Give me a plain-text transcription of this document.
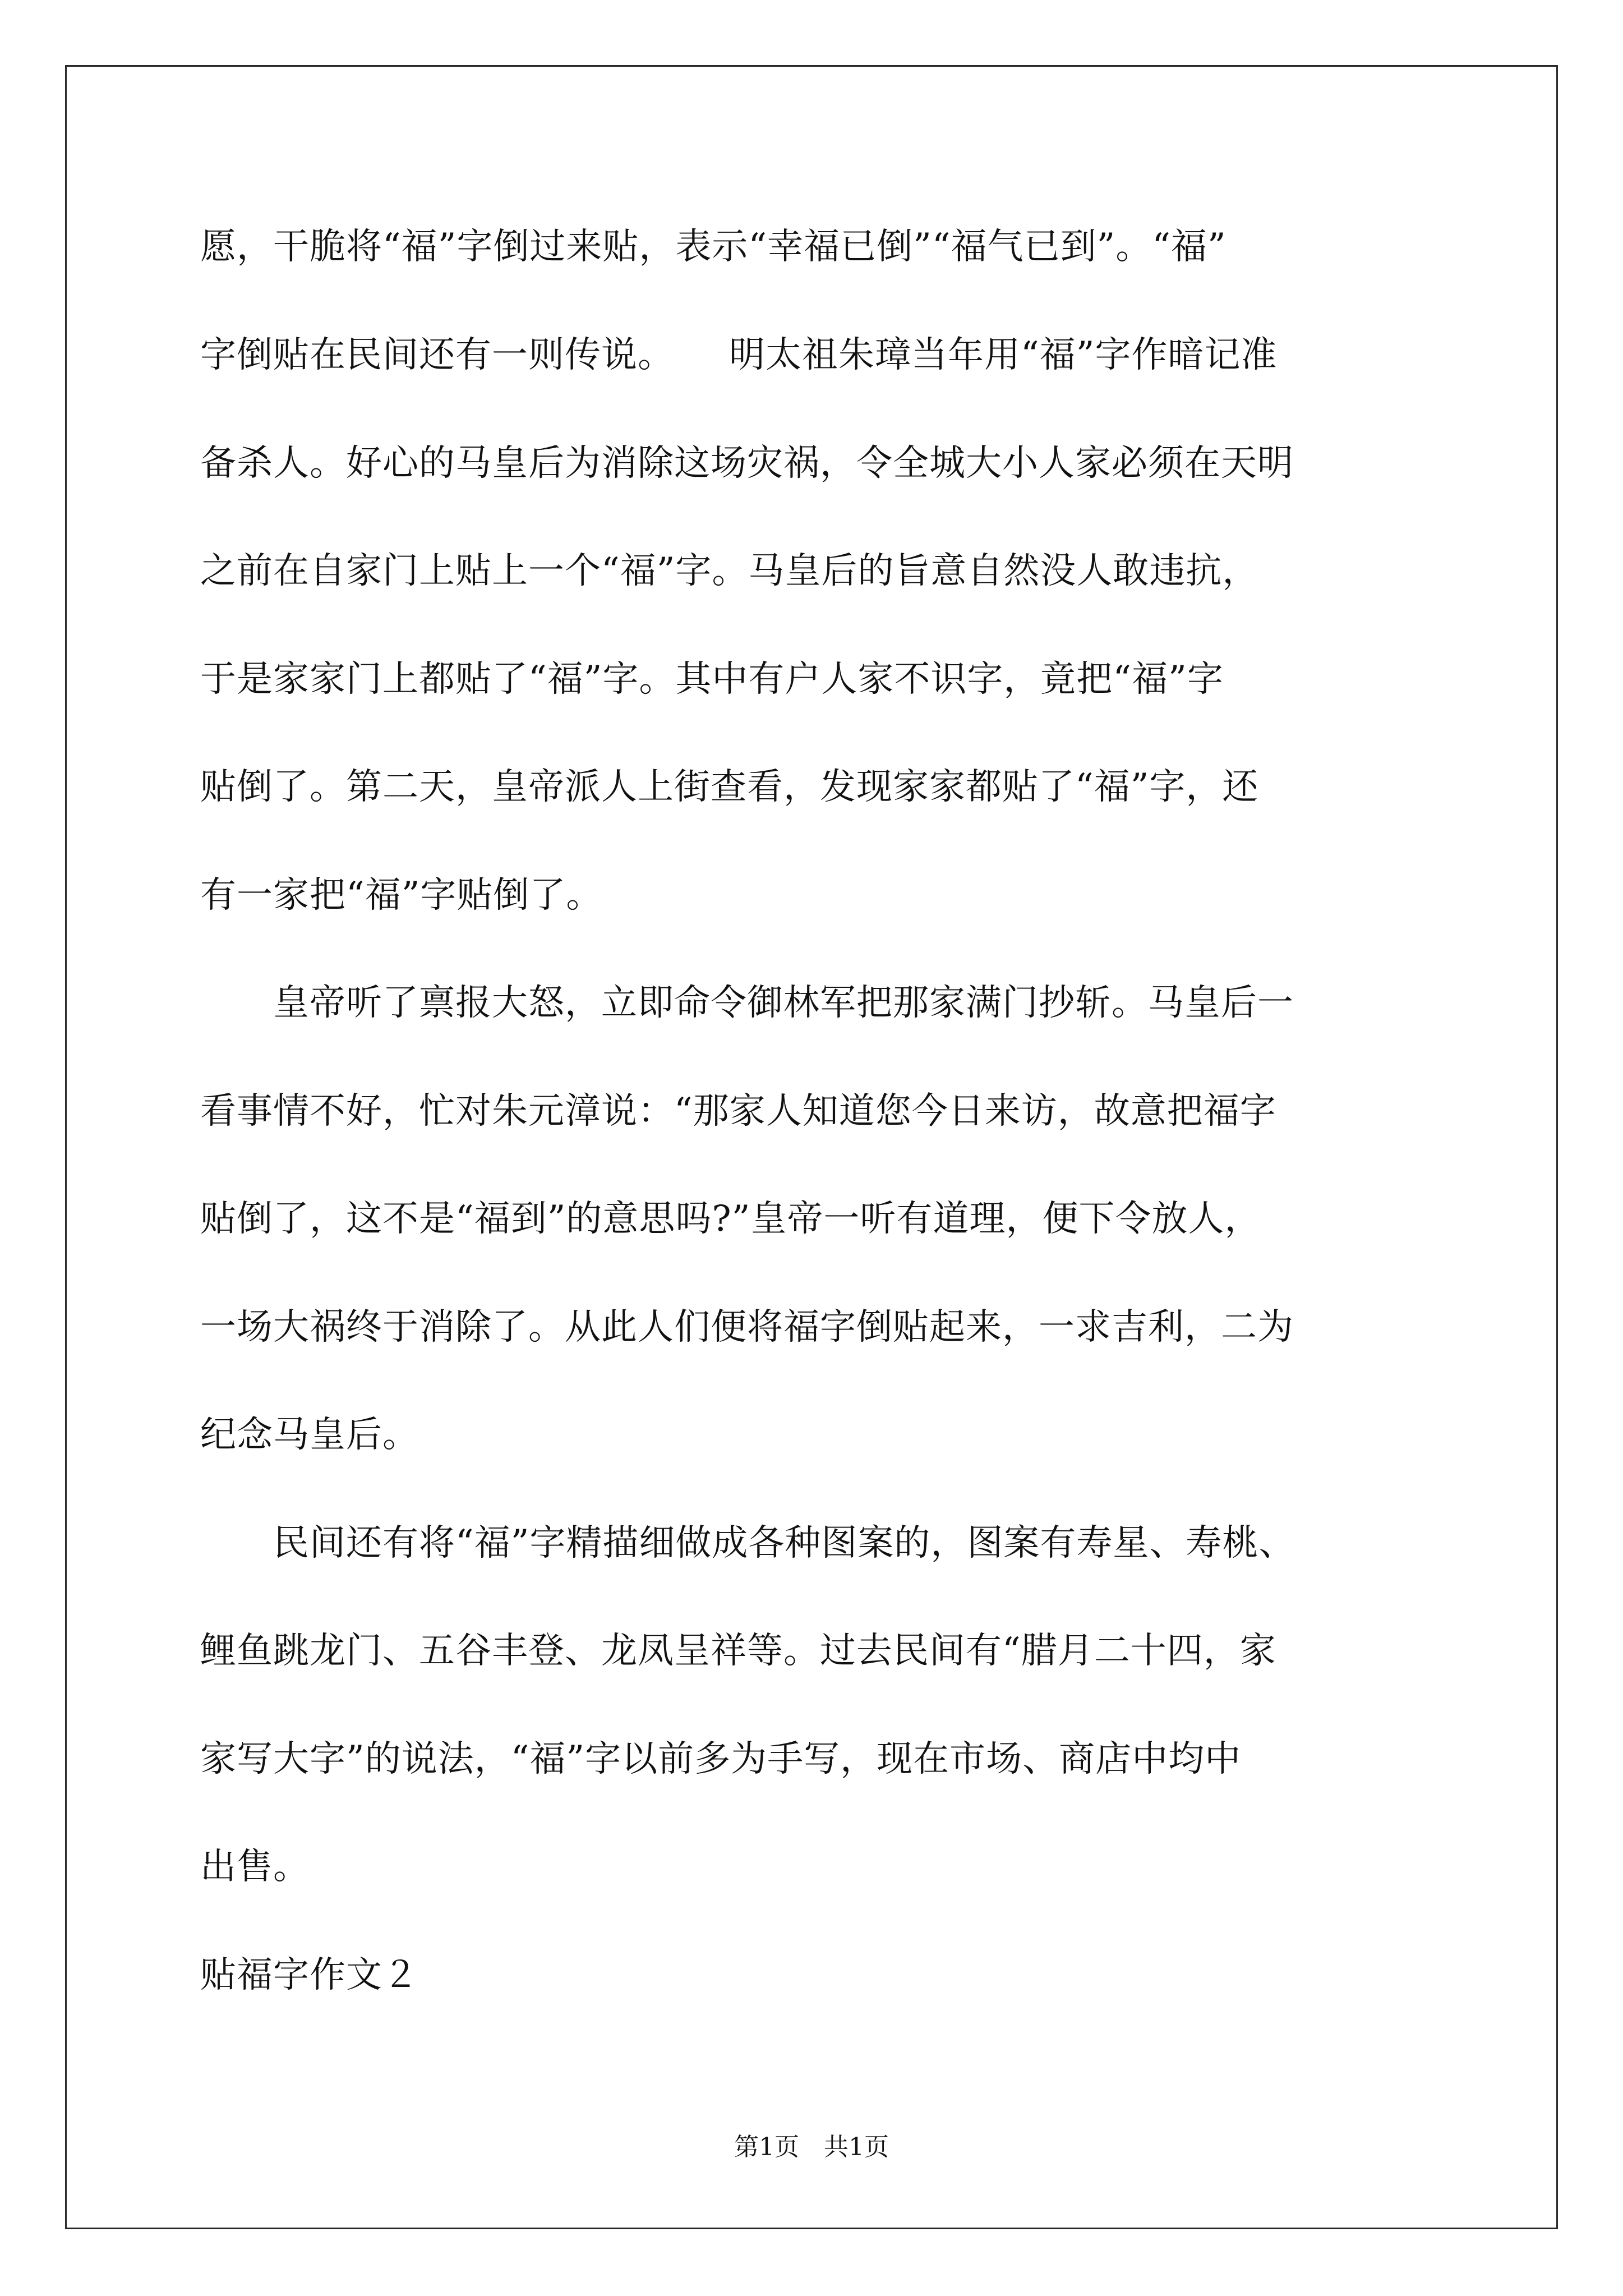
愿，干脆将“福”字倒过来贴，表示“幸福已倒”“福气已到”。“福”
字倒贴在民间还有一则传说。　　明太祖朱璋当年用“福”字作暗记准
备杀人。好心的马皇后为消除这场灾祸，令全城大小人家必须在天明
之前在自家门上贴上一个“福”字。马皇后的旨意自然没人敢违抗，
于是家家门上都贴了“福”字。其中有户人家不识字，竟把“福”字
贴倒了。第二天，皇帝派人上街查看，发现家家都贴了“福”字，还
有一家把“福”字贴倒了。
　　皇帝听了禀报大怒，立即命令御林军把那家满门抄斩。马皇后一
看事情不好，忙对朱元漳说：“那家人知道您今日来访，故意把福字
贴倒了，这不是“福到”的意思吗?”皇帝一听有道理，便下令放人，
一场大祸终于消除了。从此人们便将福字倒贴起来，一求吉利，二为
纪念马皇后。
　　民间还有将“福”字精描细做成各种图案的，图案有寿星、寿桃、
鲤鱼跳龙门、五谷丰登、龙凤呈祥等。过去民间有“腊月二十四，家
家写大字”的说法，“福”字以前多为手写，现在市场、商店中均中
出售。
贴福字作文２
第1页　共1页
